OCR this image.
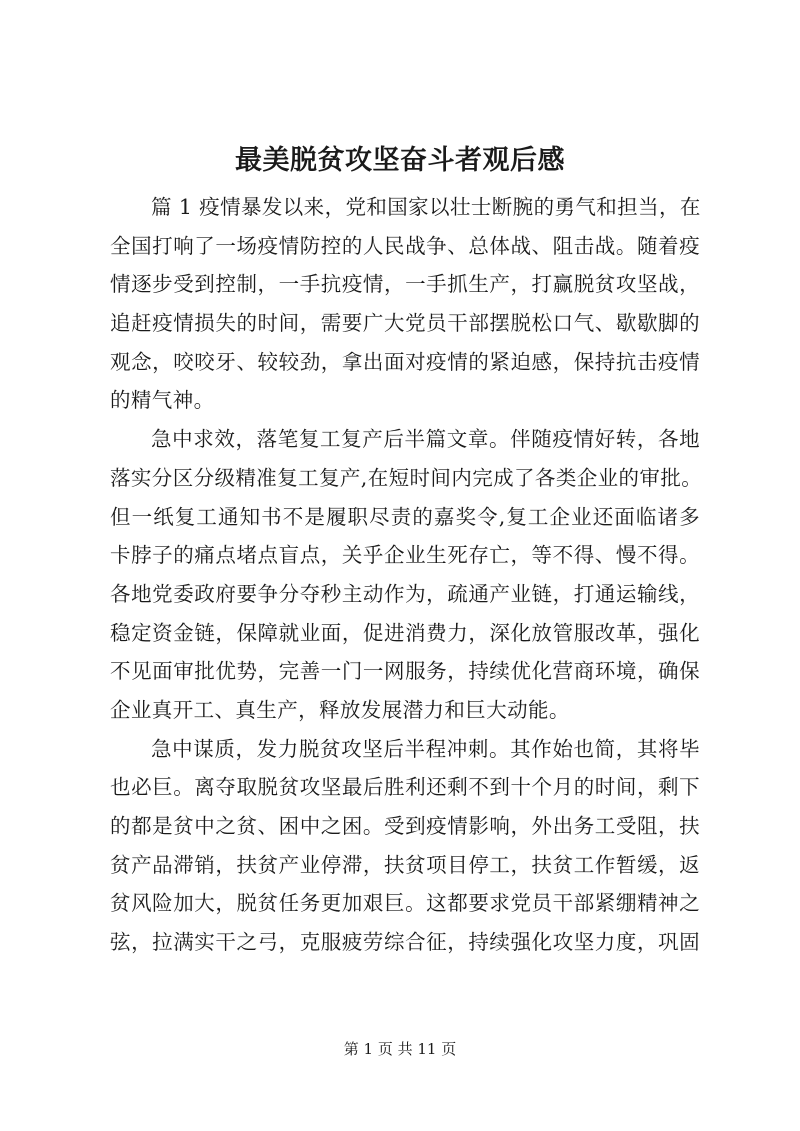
最美脱贫攻坚奋斗者观后感
篇 1 疫情暴发以来，党和国家以壮士断腕的勇气和担当，在
全国打响了一场疫情防控的人民战争、总体战、阻击战。随着疫
情逐步受到控制，一手抗疫情，一手抓生产，打赢脱贫攻坚战，
追赶疫情损失的时间，需要广大党员干部摆脱松口气、歇歇脚的
观念，咬咬牙、较较劲，拿出面对疫情的紧迫感，保持抗击疫情
的精气神。
急中求效，落笔复工复产后半篇文章。伴随疫情好转，各地
落实分区分级精准复工复产,在短时间内完成了各类企业的审批。
但一纸复工通知书不是履职尽责的嘉奖令,复工企业还面临诸多
卡脖子的痛点堵点盲点，关乎企业生死存亡，等不得、慢不得。
各地党委政府要争分夺秒主动作为，疏通产业链，打通运输线，
稳定资金链，保障就业面，促进消费力，深化放管服改革，强化
不见面审批优势，完善一门一网服务，持续优化营商环境，确保
企业真开工、真生产，释放发展潜力和巨大动能。
急中谋质，发力脱贫攻坚后半程冲刺。其作始也简，其将毕
也必巨。离夺取脱贫攻坚最后胜利还剩不到十个月的时间，剩下
的都是贫中之贫、困中之困。受到疫情影响，外出务工受阻，扶
贫产品滞销，扶贫产业停滞，扶贫项目停工，扶贫工作暂缓，返
贫风险加大，脱贫任务更加艰巨。这都要求党员干部紧绷精神之
弦，拉满实干之弓，克服疲劳综合征，持续强化攻坚力度，巩固
第 1 页 共 11 页
